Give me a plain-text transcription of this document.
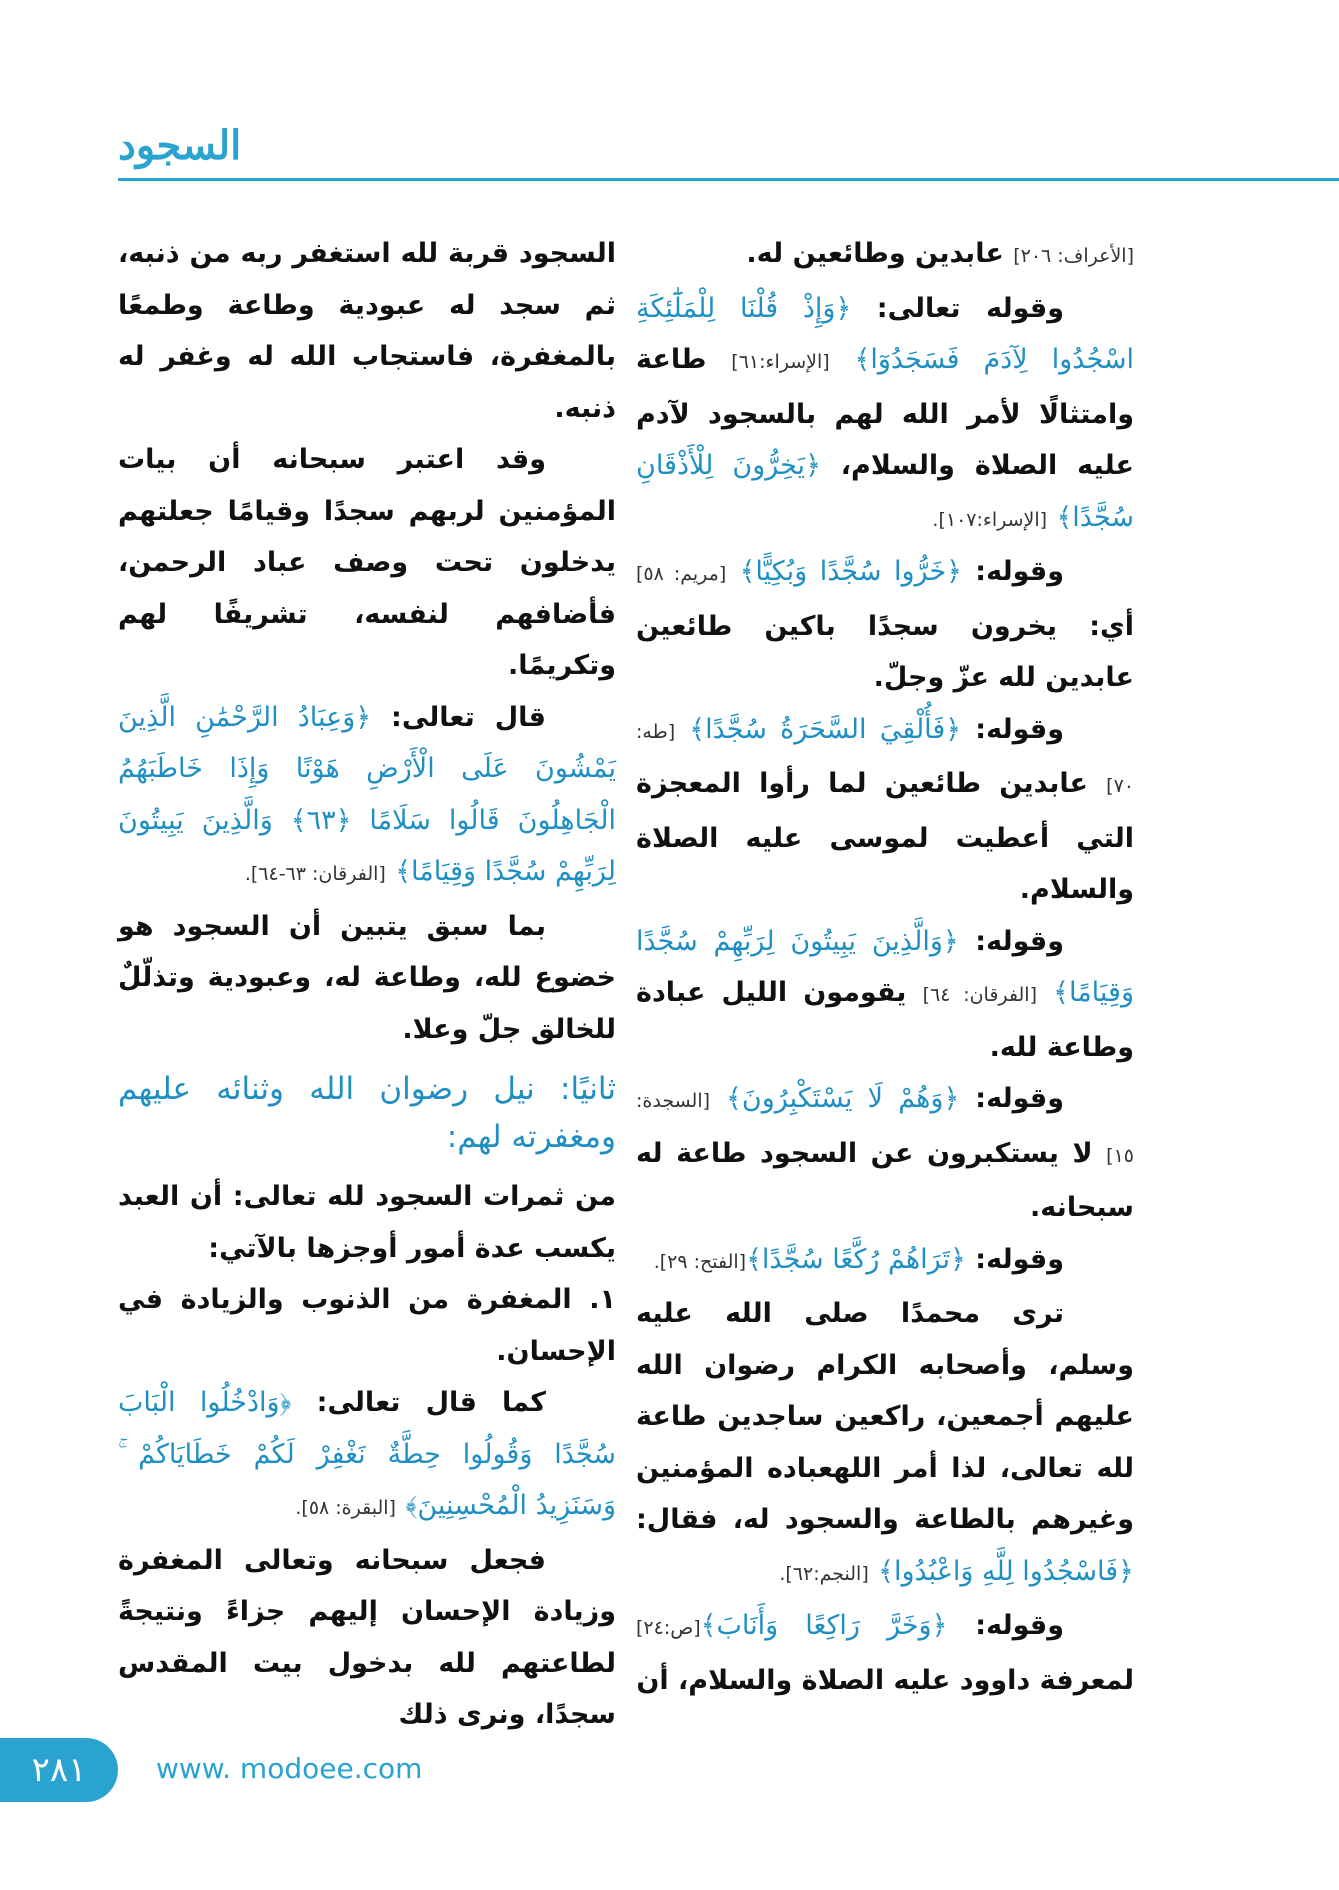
السجود

[الأعراف: ٢٠٦] عابدين وطائعين له.

وقوله تعالى: ﴿وَإِذْ قُلْنَا لِلْمَلَٰٓئِكَةِ اسْجُدُوا لِآدَمَ فَسَجَدُوٓا﴾ [الإسراء:٦١] طاعة وامتثالًا لأمر الله لهم بالسجود لآدم عليه الصلاة والسلام، ﴿يَخِرُّونَ لِلْأَذْقَانِ سُجَّدًا﴾ [الإسراء:١٠٧].

وقوله: ﴿خَرُّوا سُجَّدًا وَبُكِيًّا﴾ [مريم: ٥٨] أي: يخرون سجدًا باكين طائعين عابدين لله عزّ وجلّ.

وقوله: ﴿فَأُلْقِيَ السَّحَرَةُ سُجَّدًا﴾ [طه: ٧٠] عابدين طائعين لما رأوا المعجزة التي أعطيت لموسى عليه الصلاة والسلام.

وقوله: ﴿وَالَّذِينَ يَبِيتُونَ لِرَبِّهِمْ سُجَّدًا وَقِيَامًا﴾ [الفرقان: ٦٤] يقومون الليل عبادة وطاعة لله.

وقوله: ﴿وَهُمْ لَا يَسْتَكْبِرُونَ﴾ [السجدة: ١٥] لا يستكبرون عن السجود طاعة له سبحانه.

وقوله: ﴿تَرَاهُمْ رُكَّعًا سُجَّدًا﴾[الفتح: ٢٩].

ترى محمدًا صلى الله عليه وسلم، وأصحابه الكرام رضوان الله عليهم أجمعين، راكعين ساجدين طاعة لله تعالى، لذا أمر اللهعباده المؤمنين وغيرهم بالطاعة والسجود له، فقال: ﴿فَاسْجُدُوا لِلَّهِ وَاعْبُدُوا﴾ [النجم:٦٢].

وقوله: ﴿وَخَرَّ رَاكِعًا وَأَنَابَ﴾[ص:٢٤] لمعرفة داوود عليه الصلاة والسلام، أن

السجود قربة لله استغفر ربه من ذنبه، ثم سجد له عبودية وطاعة وطمعًا بالمغفرة، فاستجاب الله له وغفر له ذنبه.

وقد اعتبر سبحانه أن بيات المؤمنين لربهم سجدًا وقيامًا جعلتهم يدخلون تحت وصف عباد الرحمن، فأضافهم لنفسه، تشريفًا لهم وتكريمًا.

قال تعالى: ﴿وَعِبَادُ الرَّحْمَٰنِ الَّذِينَ يَمْشُونَ عَلَى الْأَرْضِ هَوْنًا وَإِذَا خَاطَبَهُمُ الْجَاهِلُونَ قَالُوا سَلَامًا ﴿٦٣﴾ وَالَّذِينَ يَبِيتُونَ لِرَبِّهِمْ سُجَّدًا وَقِيَامًا﴾ [الفرقان: ٦٣-٦٤].

بما سبق يتبين أن السجود هو خضوع لله، وطاعة له، وعبودية وتذلّلٌ للخالق جلّ وعلا.

ثانيًا: نيل رضوان الله وثنائه عليهم ومغفرته لهم:

من ثمرات السجود لله تعالى: أن العبد يكسب عدة أمور أوجزها بالآتي:

١. المغفرة من الذنوب والزيادة في الإحسان.

كما قال تعالى: ﴿وَادْخُلُوا الْبَابَ سُجَّدًا وَقُولُوا حِطَّةٌ نَغْفِرْ لَكُمْ خَطَايَاكُمْ ۚ وَسَنَزِيدُ الْمُحْسِنِينَ﴾ [البقرة: ٥٨].

فجعل سبحانه وتعالى المغفرة وزيادة الإحسان إليهم جزاءً ونتيجةً لطاعتهم لله بدخول بيت المقدس سجدًا، ونرى ذلك

٢٨١	www. modoee.com
